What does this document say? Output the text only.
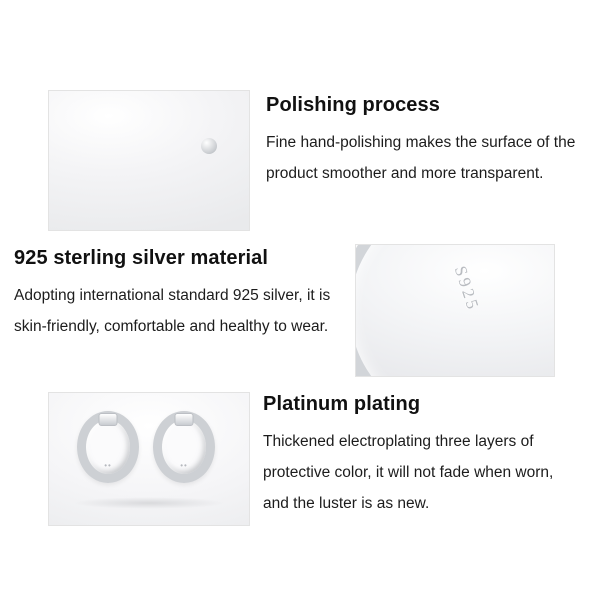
Polishing process

Fine hand-polishing makes the surface of the product smoother and more transparent.

S925
925 sterling silver material

Adopting international standard 925 silver, it is skin-friendly, comfortable and healthy to wear.

••	••
Platinum plating

Thickened electroplating three layers of protective color, it will not fade when worn, and the luster is as new.
